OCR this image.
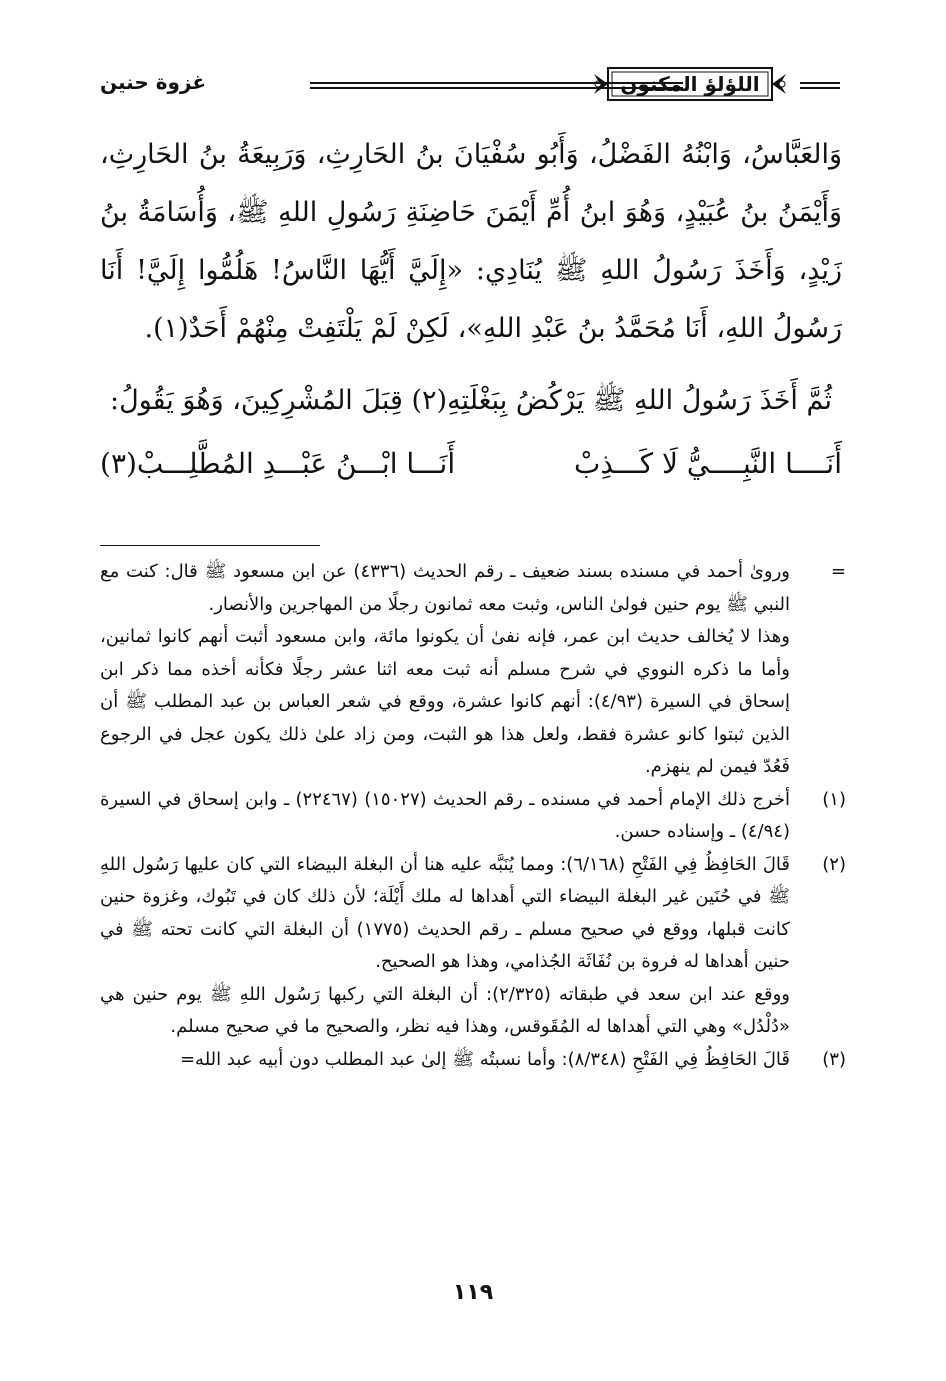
اللؤلؤ المكنون
غزوة حنين

وَالعَبَّاسُ، وَابْنُهُ الفَضْلُ، وَأَبُو سُفْيَانَ بنُ الحَارِثِ، وَرَبِيعَةُ بنُ الحَارِثِ، وَأَيْمَنُ بنُ عُبَيْدٍ، وَهُوَ ابنُ أُمِّ أَيْمَنَ حَاضِنَةِ رَسُولِ اللهِ ﷺ، وَأُسَامَةُ بنُ زَيْدٍ، وَأَخَذَ رَسُولُ اللهِ ﷺ يُنَادِي: «إِلَيَّ أَيُّهَا النَّاسُ! هَلُمُّوا إِلَيَّ! أَنَا رَسُولُ اللهِ، أَنَا مُحَمَّدُ بنُ عَبْدِ اللهِ»، لَكِنْ لَمْ يَلْتَفِتْ مِنْهُمْ أَحَدٌ(١).

ثُمَّ أَخَذَ رَسُولُ اللهِ ﷺ يَرْكُضُ بِبَغْلَتِهِ(٢) قِبَلَ المُشْرِكِينَ، وَهُوَ يَقُولُ:

أَنَــــا النَّبِــــيُّ لَا كَـــذِبْ
أَنَـــا ابْـــنُ عَبْـــدِ المُطَّلِـــبْ(٣)
=
وروىٰ أحمد في مسنده بسند ضعيف ـ رقم الحديث (٤٣٣٦) عن ابن مسعود ﷺ قال: كنت مع النبي ﷺ يوم حنين فولىٰ الناس، وثبت معه ثمانون رجلًا من المهاجرين والأنصار.
وهذا لا يُخالف حديث ابن عمر، فإنه نفىٰ أن يكونوا مائة، وابن مسعود أثبت أنهم كانوا ثمانين، وأما ما ذكره النووي في شرح مسلم أنه ثبت معه اثنا عشر رجلًا فكأنه أخذه مما ذكر ابن إسحاق في السيرة (٤/٩٣): أنهم كانوا عشرة، ووقع في شعر العباس بن عبد المطلب ﷺ أن الذين ثبتوا كانو عشرة فقط، ولعل هذا هو الثبت، ومن زاد علىٰ ذلك يكون عجل في الرجوع فَعُدّ فيمن لم ينهزم.
(١)
أخرج ذلك الإمام أحمد في مسنده ـ رقم الحديث (١٥٠٢٧) (٢٢٤٦٧) ـ وابن إسحاق في السيرة (٤/٩٤) ـ وإسناده حسن.
(٢)
قَالَ الحَافِظُ فِي الفَتْحِ (٦/١٦٨): ومما يُنَبَّه عليه هنا أن البغلة البيضاء التي كان عليها رَسُول اللهِ ﷺ في حُنَين غير البغلة البيضاء التي أهداها له ملك أَيْلَة؛ لأن ذلك كان في تَبُوك، وغزوة حنين كانت قبلها، ووقع في صحيح مسلم ـ رقم الحديث (١٧٧٥) أن البغلة التي كانت تحته ﷺ في حنين أهداها له فروة بن نُفَاثَة الجُذامي، وهذا هو الصحيح.
ووقع عند ابن سعد في طبقاته (٢/٣٢٥): أن البغلة التي ركبها رَسُول اللهِ ﷺ يوم حنين هي «دُلْدُل» وهي التي أهداها له المُقَوقس، وهذا فيه نظر، والصحيح ما في صحيح مسلم.
(٣)
قَالَ الحَافِظُ فِي الفَتْحِ (٨/٣٤٨): وأما نسبتُه ﷺ إلىٰ عبد المطلب دون أبيه عبد الله=
١١٩
